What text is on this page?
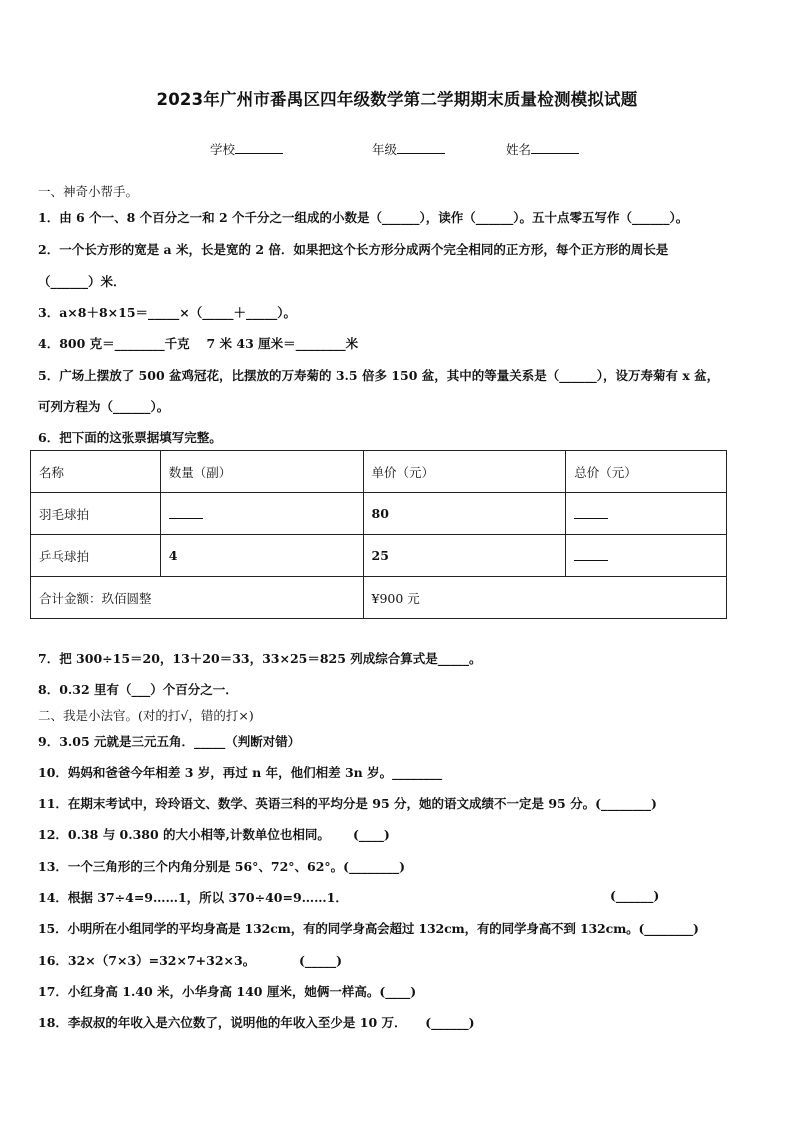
2023年广州市番禺区四年级数学第二学期期末质量检测模拟试题
学校	年级	姓名
一、神奇小帮手。
1．由 6 个一、8 个百分之一和 2 个千分之一组成的小数是（______），读作（______）。五十点零五写作（______）。
2．一个长方形的宽是 a 米，长是宽的 2 倍．如果把这个长方形分成两个完全相同的正方形，每个正方形的周长是
（______）米．
3．a×8＋8×15＝_____×（_____＋_____）。
4．800 克＝________千克　 7 米 43 厘米＝________米
5．广场上摆放了 500 盆鸡冠花，比摆放的万寿菊的 3.5 倍多 150 盆，其中的等量关系是（______），设万寿菊有 x 盆，
可列方程为（______）。
6．把下面的这张票据填写完整。
名称	数量（副）	单价（元）	总价（元）
羽毛球拍		80	
乒乓球拍	4	25	
合计金额：玖佰圆整		¥900 元	
7．把 300÷15＝20，13＋20＝33，33×25＝825 列成综合算式是_____。
8．0.32 里有（___）个百分之一．
二、我是小法官。(对的打√，错的打×)
9．3.05 元就是三元五角．_____（判断对错）
10．妈妈和爸爸今年相差 3 岁，再过 n 年，他们相差 3n 岁。________
11．在期末考试中，玲玲语文、数学、英语三科的平均分是 95 分，她的语文成绩不一定是 95 分。(________)
12．0.38 与 0.380 的大小相等,计数单位也相同。　　 (____)
13．一个三角形的三个内角分别是 56°、72°、62°。(________)
14．根据 37÷4=9……1，所以 370÷40=9……1．	(______)
15．小明所在小组同学的平均身高是 132cm，有的同学身高会超过 132cm，有的同学身高不到 132cm。(________)
16．32×（7×3）=32×7+32×3。　　　　(_____)
17．小红身高 1.40 米，小华身高 140 厘米，她俩一样高。(____)
18．李叔叔的年收入是六位数了，说明他的年收入至少是 10 万．　　(______)
